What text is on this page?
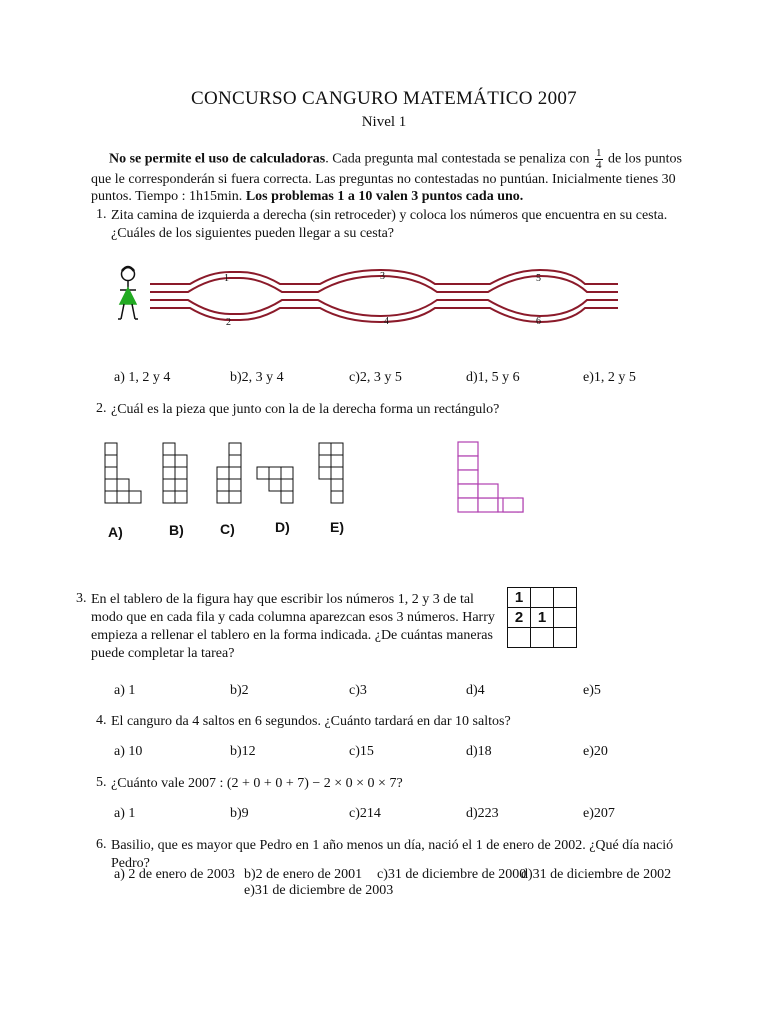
CONCURSO CANGURO MATEMÁTICO 2007
Nivel 1
No se permite el uso de calculadoras. Cada pregunta mal contestada se penaliza con $\frac{1}{4}$ de los puntos que le corresponderán si fuera correcta. Las preguntas no contestadas no puntúan. Inicialmente tienes 30 puntos. Tiempo : 1h15min. Los problemas 1 a 10 valen 3 puntos cada uno.
1. Zita camina de izquierda a derecha (sin retroceder) y coloca los números que encuentra en su cesta. ¿Cuáles de los siguientes pueden llegar a su cesta?
1
2
3
4
5
6
a) 1, 2 y 4	b)2, 3 y 4	c)2, 3 y 5	d)1, 5 y 6	e)1, 2 y 5
2. ¿Cuál es la pieza que junto con la de la derecha forma un rectángulo?
A)	B)	C)	D)	E)
3. En el tablero de la figura hay que escribir los números 1, 2 y 3 de tal modo que en cada fila y cada columna aparezcan esos 3 números. Harry empieza a rellenar el tablero en la forma indicada. ¿De cuántas maneras puede completar la tarea?
1		
2	1	

a) 1	b)2	c)3	d)4	e)5
4. El canguro da 4 saltos en 6 segundos. ¿Cuánto tardará en dar 10 saltos?
a) 10	b)12	c)15	d)18	e)20
5. ¿Cuánto vale 2007 : (2 + 0 + 0 + 7) − 2 × 0 × 0 × 7?
a) 1	b)9	c)214	d)223	e)207
6. Basilio, que es mayor que Pedro en 1 año menos un día, nació el 1 de enero de 2002. ¿Qué día nació Pedro?
a) 2 de enero de 2003 b)2 de enero de 2001 c)31 de diciembre de 2000
d)31 de diciembre de 2002
e)31 de diciembre de 2003
